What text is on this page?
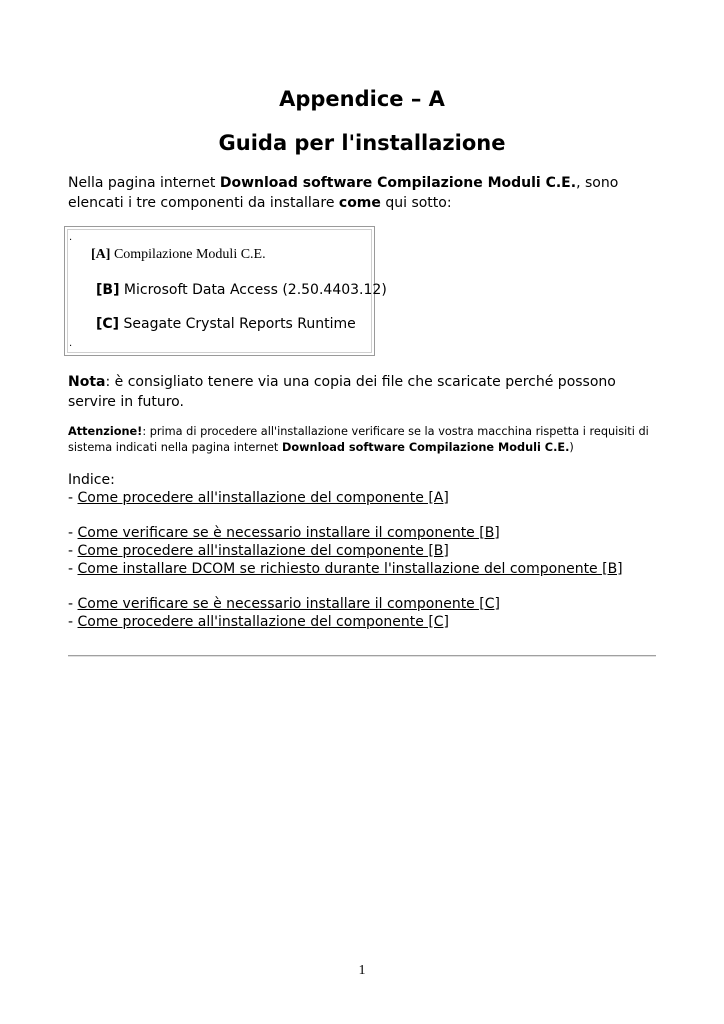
Appendice – A
Guida per l'installazione
Nella pagina internet Download software Compilazione Moduli C.E., sono elencati i tre componenti da installare come qui sotto:
.
[A] Compilazione Moduli C.E.
[B] Microsoft Data Access (2.50.4403.12)
[C] Seagate Crystal Reports Runtime
.
Nota: è consigliato tenere via una copia dei file che scaricate perché possono servire in futuro.
Attenzione!: prima di procedere all'installazione verificare se la vostra macchina rispetta i requisiti di sistema indicati nella pagina internet Download software Compilazione Moduli C.E.)
Indice:
- Come procedere all'installazione del componente [A]
- Come verificare se è necessario installare il componente [B]
- Come procedere all'installazione del componente [B]
- Come installare DCOM se richiesto durante l'installazione del componente [B]
- Come verificare se è necessario installare il componente [C]
- Come procedere all'installazione del componente [C]
1
